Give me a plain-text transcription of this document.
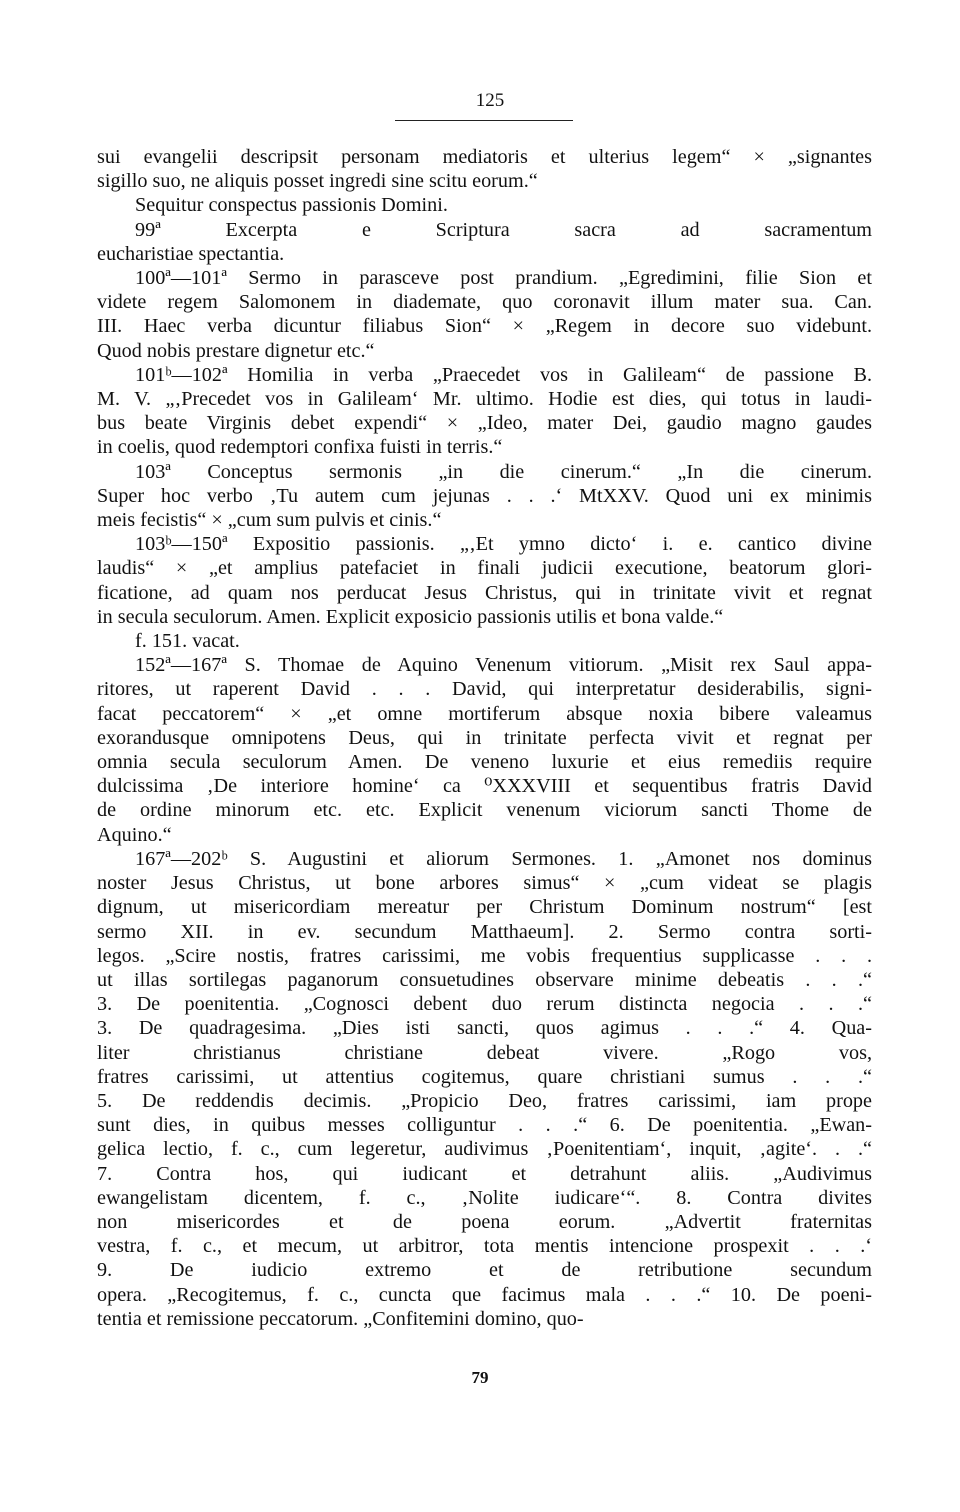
125
sui evangelii descripsit personam mediatoris et ulterius legem“ × „signantes
sigillo suo, ne aliquis posset ingredi sine scitu eorum.“
Sequitur conspectus passionis Domini.
99ª Excerpta e Scriptura sacra ad sacramentum
eucharistiae spectantia.
100ª—101ª Sermo in parasceve post prandium. „Egredimini, filie Sion et
videte regem Salomonem in diademate, quo coronavit illum mater sua. Can.
III. Haec verba dicuntur filiabus Sion“ × „Regem in decore suo videbunt.
Quod nobis prestare dignetur etc.“
101ᵇ—102ª Homilia in verba „Praecedet vos in Galileam“ de passione B.
M. V. „‚Precedet vos in Galileam‘ Mr. ultimo. Hodie est dies, qui totus in laudi-
bus beate Virginis debet expendi“ × „Ideo, mater Dei, gaudio magno gaudes
in coelis, quod redemptori confixa fuisti in terris.“
103ª Conceptus sermonis „in die cinerum.“ „In die cinerum.
Super hoc verbo ‚Tu autem cum jejunas . . .‘ MtXXV. Quod uni ex minimis
meis fecistis“ × „cum sum pulvis et cinis.“
103ᵇ—150ª Expositio passionis. „‚Et ymno dicto‘ i. e. cantico divine
laudis“ × „et amplius patefaciet in finali judicii executione, beatorum glori-
ficatione, ad quam nos perducat Jesus Christus, qui in trinitate vivit et regnat
in secula seculorum. Amen. Explicit exposicio passionis utilis et bona valde.“
f. 151. vacat.
152ª—167ª S. Thomae de Aquino Venenum vitiorum. „Misit rex Saul appa-
ritores, ut raperent David . . . David, qui interpretatur desiderabilis, signi-
facat peccatorem“ × „et omne mortiferum absque noxia bibere valeamus
exorandusque omnipotens Deus, qui in trinitate perfecta vivit et regnat per
omnia secula seculorum Amen. De veneno luxurie et eius remediis require
dulcissima ‚De interiore homine‘ ca ⁰XXXVIII et sequentibus fratris David
de ordine minorum etc. etc. Explicit venenum viciorum sancti Thome de
Aquino.“
167ª—202ᵇ S. Augustini et aliorum Sermones. 1. „Amonet nos dominus
noster Jesus Christus, ut bone arbores simus“ × „cum videat se plagis
dignum, ut misericordiam mereatur per Christum Dominum nostrum“ [est
sermo XII. in ev. secundum Matthaeum]. 2. Sermo contra sorti-
legos. „Scire nostis, fratres carissimi, me vobis frequentius supplicasse . . .
ut illas sortilegas paganorum consuetudines observare minime debeatis . . .“
3. De poenitentia. „Cognosci debent duo rerum distincta negocia . . .“
3. De quadragesima. „Dies isti sancti, quos agimus . . .“ 4. Qua-
liter christianus christiane debeat vivere. „Rogo vos,
fratres carissimi, ut attentius cogitemus, quare christiani sumus . . .“
5. De reddendis decimis. „Propicio Deo, fratres carissimi, iam prope
sunt dies, in quibus messes colliguntur . . .“ 6. De poenitentia. „Ewan-
gelica lectio, f. c., cum legeretur, audivimus ‚Poenitentiam‘, inquit, ‚agite‘. . .“
7. Contra hos, qui iudicant et detrahunt aliis. „Audivimus
ewangelistam dicentem, f. c., ‚Nolite iudicare‘“. 8. Contra divites
non misericordes et de poena eorum. „Advertit fraternitas
vestra, f. c., et mecum, ut arbitror, tota mentis intencione prospexit . . .‘
9. De iudicio extremo et de retributione secundum
opera. „Recogitemus, f. c., cuncta que facimus mala . . .“ 10. De poeni-
tentia et remissione peccatorum. „Confitemini domino, quo-
79
